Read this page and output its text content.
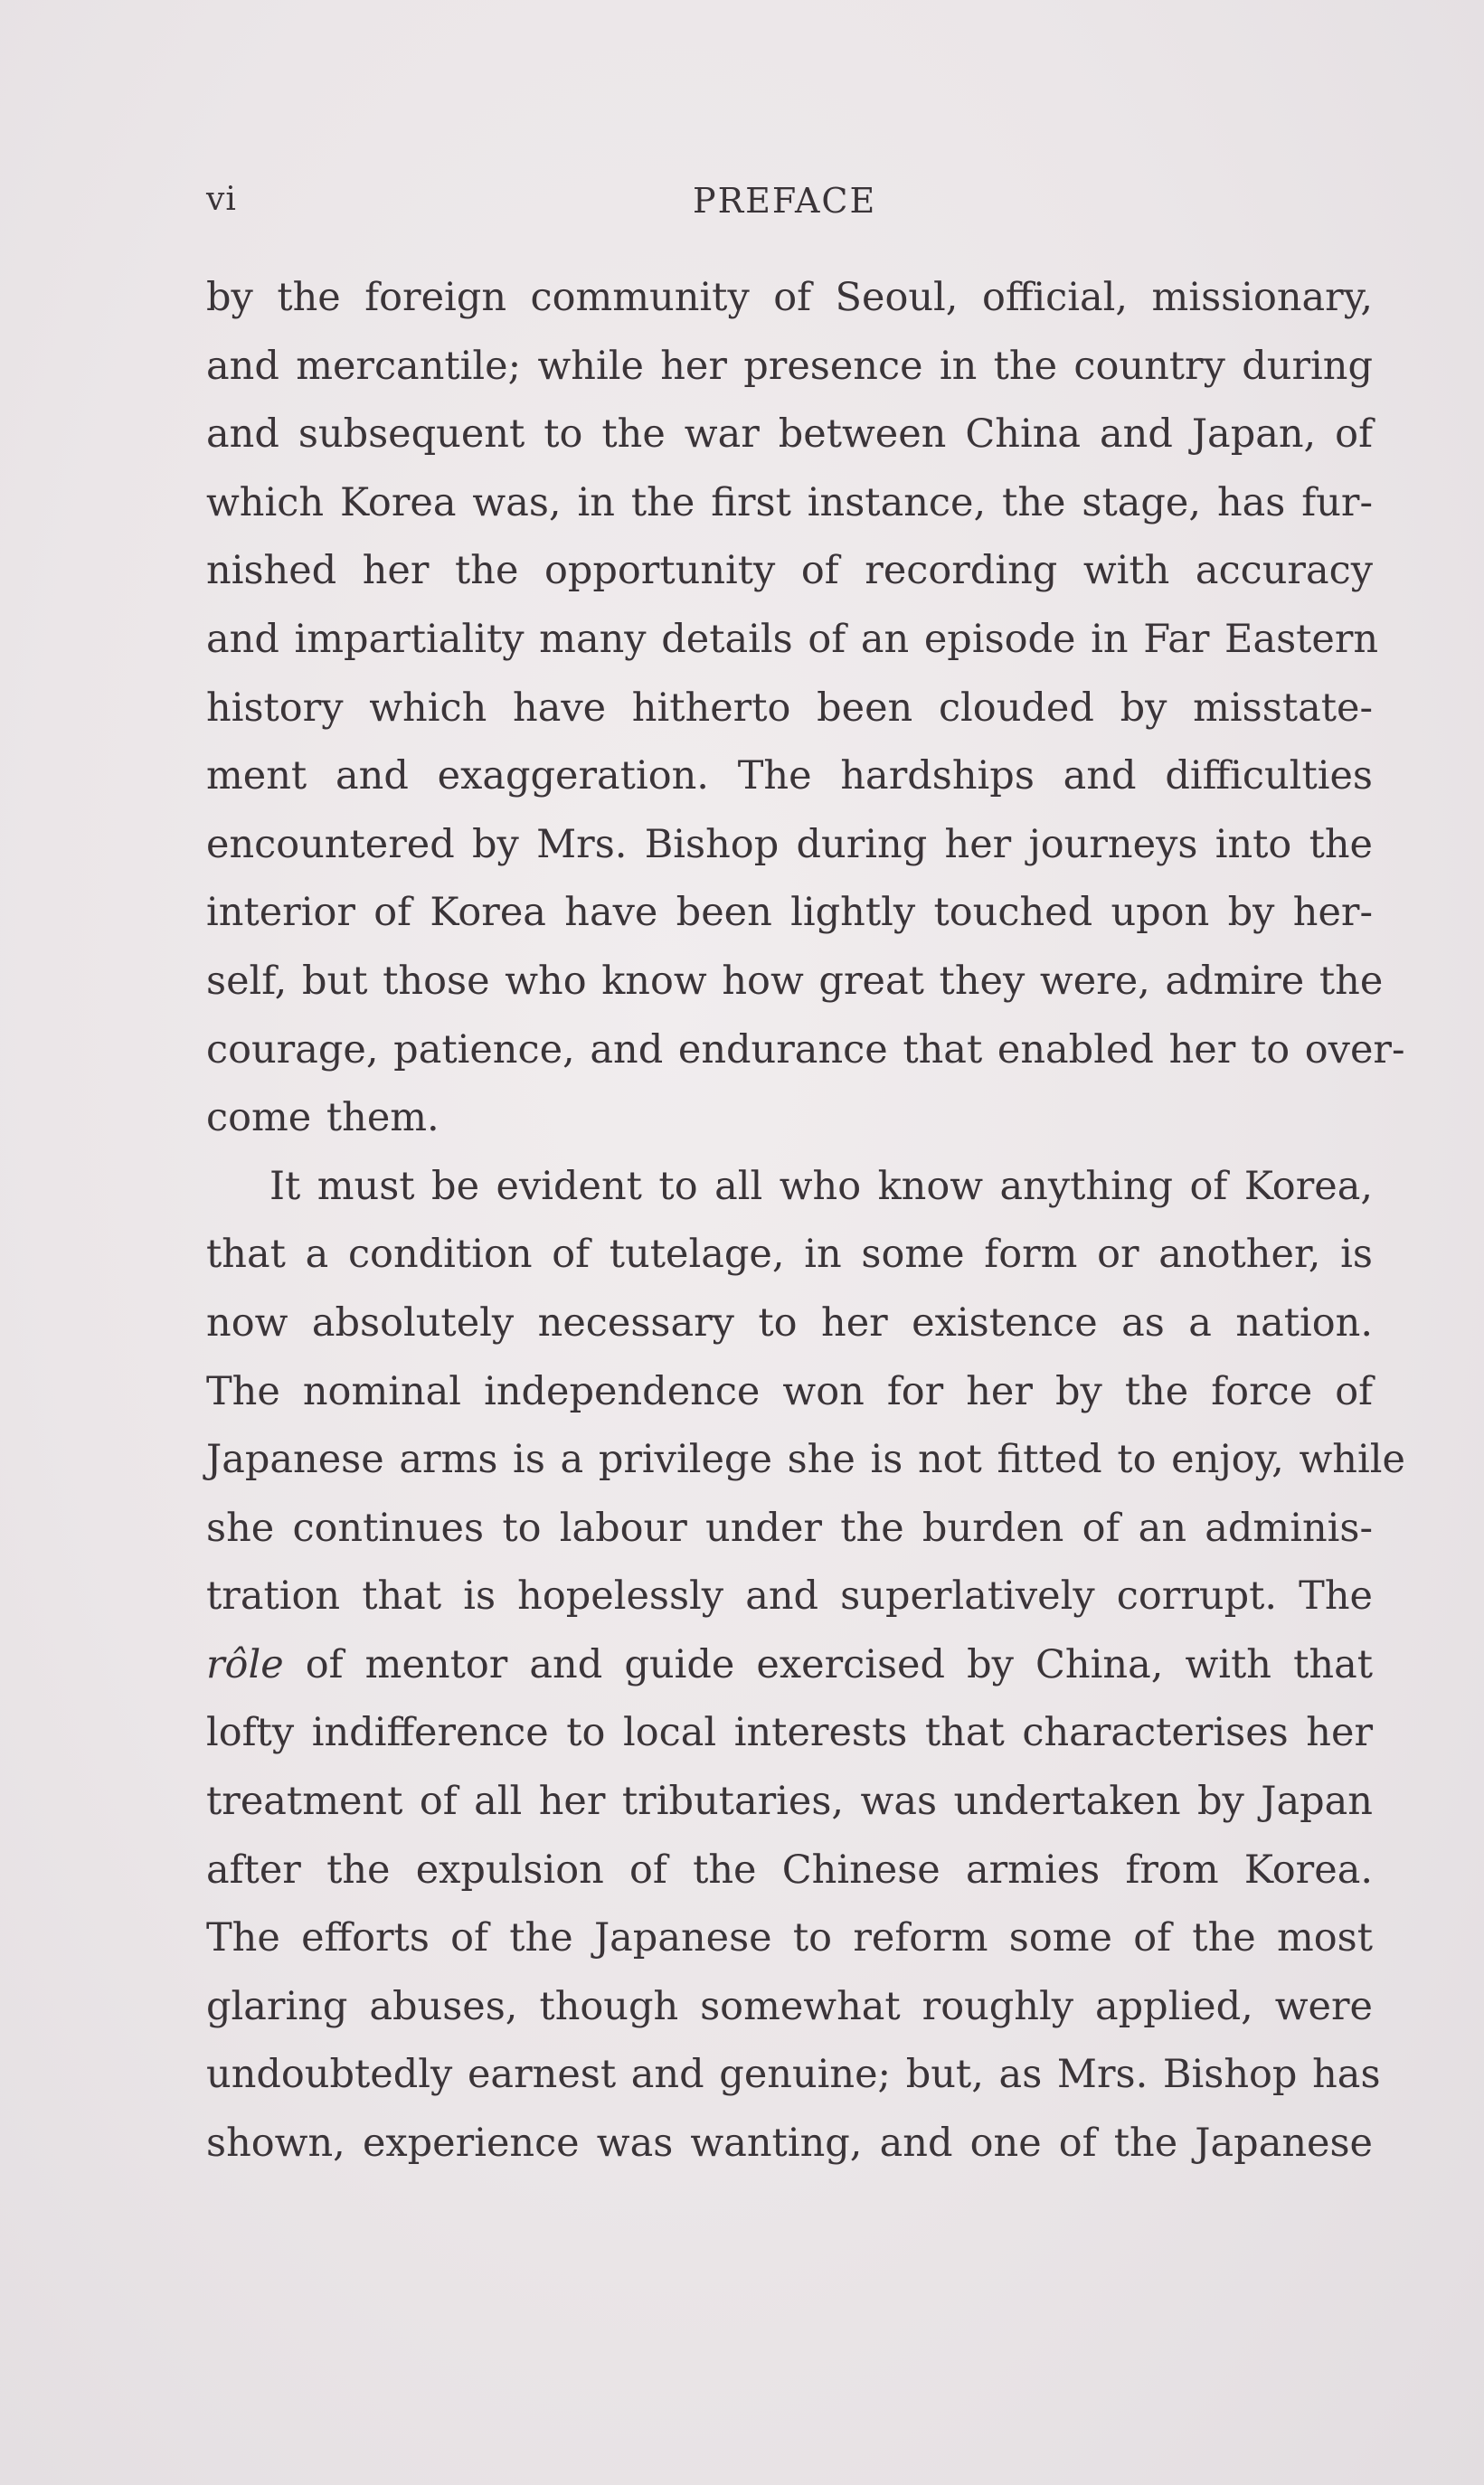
vi	PREFACE
by the foreign community of Seoul, official, missionary,
and mercantile; while her presence in the country during
and subsequent to the war between China and Japan, of
which Korea was, in the first instance, the stage, has fur-
nished her the opportunity of recording with accuracy
and impartiality many details of an episode in Far Eastern
history which have hitherto been clouded by misstate-
ment and exaggeration. The hardships and difficulties
encountered by Mrs. Bishop during her journeys into the
interior of Korea have been lightly touched upon by her-
self, but those who know how great they were, admire the
courage, patience, and endurance that enabled her to over-
come them.
It must be evident to all who know anything of Korea,
that a condition of tutelage, in some form or another, is
now absolutely necessary to her existence as a nation.
The nominal independence won for her by the force of
Japanese arms is a privilege she is not fitted to enjoy, while
she continues to labour under the burden of an adminis-
tration that is hopelessly and superlatively corrupt. The
rôle of mentor and guide exercised by China, with that
lofty indifference to local interests that characterises her
treatment of all her tributaries, was undertaken by Japan
after the expulsion of the Chinese armies from Korea.
The efforts of the Japanese to reform some of the most
glaring abuses, though somewhat roughly applied, were
undoubtedly earnest and genuine; but, as Mrs. Bishop has
shown, experience was wanting, and one of the Japanese
